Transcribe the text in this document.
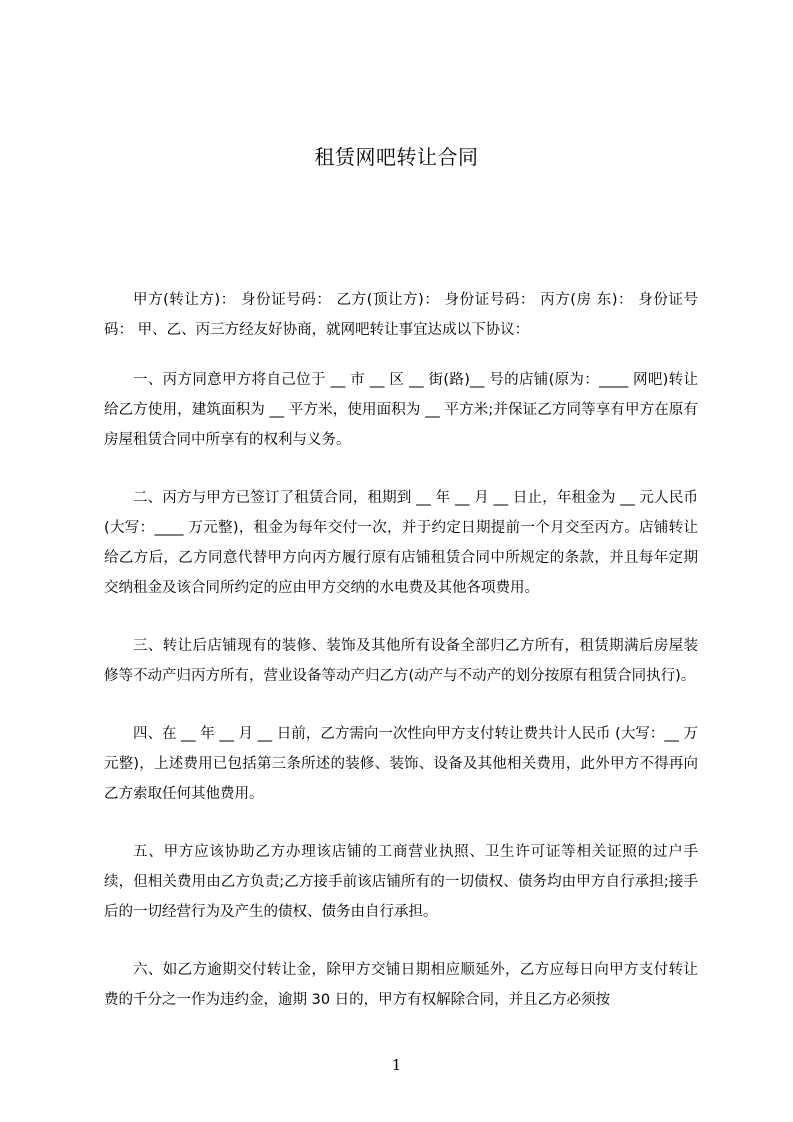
租赁网吧转让合同

甲方(转让方)： 身份证号码： 乙方(顶让方)： 身份证号码： 丙方(房 东)： 身份证号码： 甲、乙、丙三方经友好协商，就网吧转让事宜达成以下协议：

一、丙方同意甲方将自己位于 __ 市 __ 区 __ 街(路)__ 号的店铺(原为：____ 网吧)转让给乙方使用，建筑面积为 __ 平方米，使用面积为 __ 平方米;并保证乙方同等享有甲方在原有房屋租赁合同中所享有的权利与义务。

二、丙方与甲方已签订了租赁合同，租期到 __ 年 __ 月 __ 日止，年租金为 __ 元人民币(大写：____ 万元整)，租金为每年交付一次，并于约定日期提前一个月交至丙方。店铺转让给乙方后，乙方同意代替甲方向丙方履行原有店铺租赁合同中所规定的条款，并且每年定期交纳租金及该合同所约定的应由甲方交纳的水电费及其他各项费用。

三、转让后店铺现有的装修、装饰及其他所有设备全部归乙方所有，租赁期满后房屋装修等不动产归丙方所有，营业设备等动产归乙方(动产与不动产的划分按原有租赁合同执行)。

四、在 __ 年 __ 月 __ 日前，乙方需向一次性向甲方支付转让费共计人民币 (大写：__ 万元整)，上述费用已包括第三条所述的装修、装饰、设备及其他相关费用，此外甲方不得再向乙方索取任何其他费用。

五、甲方应该协助乙方办理该店铺的工商营业执照、卫生许可证等相关证照的过户手续，但相关费用由乙方负责;乙方接手前该店铺所有的一切债权、债务均由甲方自行承担;接手后的一切经营行为及产生的债权、债务由自行承担。

六、如乙方逾期交付转让金，除甲方交铺日期相应顺延外，乙方应每日向甲方支付转让费的千分之一作为违约金，逾期 30 日的，甲方有权解除合同，并且乙方必须按

1
